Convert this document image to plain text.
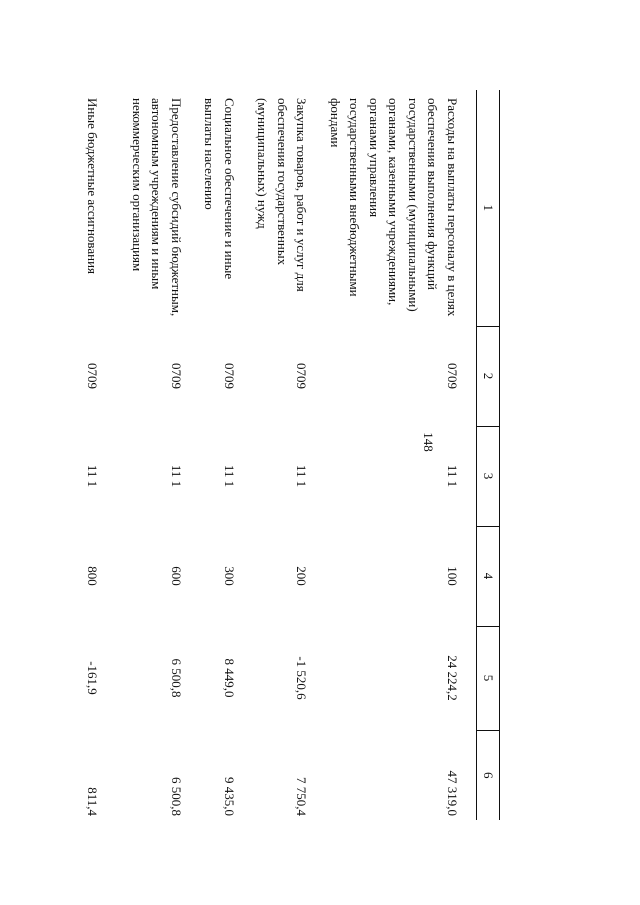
148
1	2	3	4	5	6
Расходы на выплаты персоналу в целях обеспечения выполнения функций государственными (муниципальными) органами, казенными учреждениями, органами управления государственными внебюджетными фондами	0709	11 1	100	24 224,2	47 319,0
Закупка товаров, работ и услуг для обеспечения государственных (муниципальных) нужд	0709	11 1	200	-1 520,6	7 750,4
Социальное обеспечение и иные выплаты населению	0709	11 1	300	8 449,0	9 435,0
Предоставление субсидий бюджетным, автономным учреждениям и иным некоммерческим организациям	0709	11 1	600	6 500,8	6 500,8
Иные бюджетные ассигнования	0709	11 1	800	-161,9	811,4
